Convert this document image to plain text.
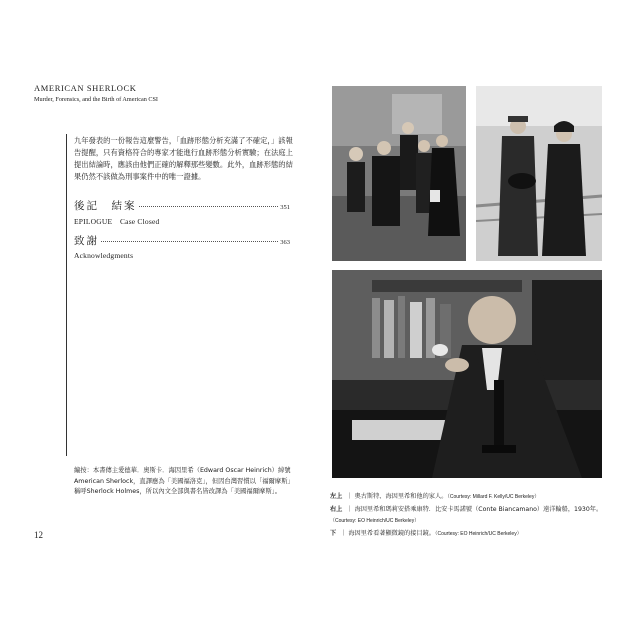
AMERICAN SHERLOCK
Murder, Forensics, and the Birth of American CSI

九年發表的一份報告這麼警告，「血跡形態分析充滿了不確定，」該報告提醒，只有資格符合的專家才能進行血跡形態分析實驗；在法庭上提出結論時，應該由他們正確的解釋那些變數。此外，血跡形態的結果仍然不該做為刑事案件中的唯一證據。

後記　結案	351
EPILOGUE　Case Closed
致謝	363
Acknowledgments

編按：本書傳主愛德華．奧斯卡．海因里希（Edward Oscar Heinrich）綽號 American Sherlock，直譯應為「美國福洛克」，但因台灣習慣以「福爾摩斯」稱呼Sherlock Holmes，所以內文全部與書名皆改譯為「美國福爾摩斯」。

12

左上 ｜ 奧古斯特、海因里希和他的家人。（Courtesy: Millard F. Kelly/UC Berkeley）

右上 ｜ 海因里希和瑪莉安搭乘康特．比安卡馬諾號（Conte Biancamano）遠洋輪船，1930年。（Courtesy: EO Heinrich/UC Berkeley）

下 ｜ 海因里希看著顯微鏡的接目鏡。（Courtesy: EO Heinrich/UC Berkeley）
